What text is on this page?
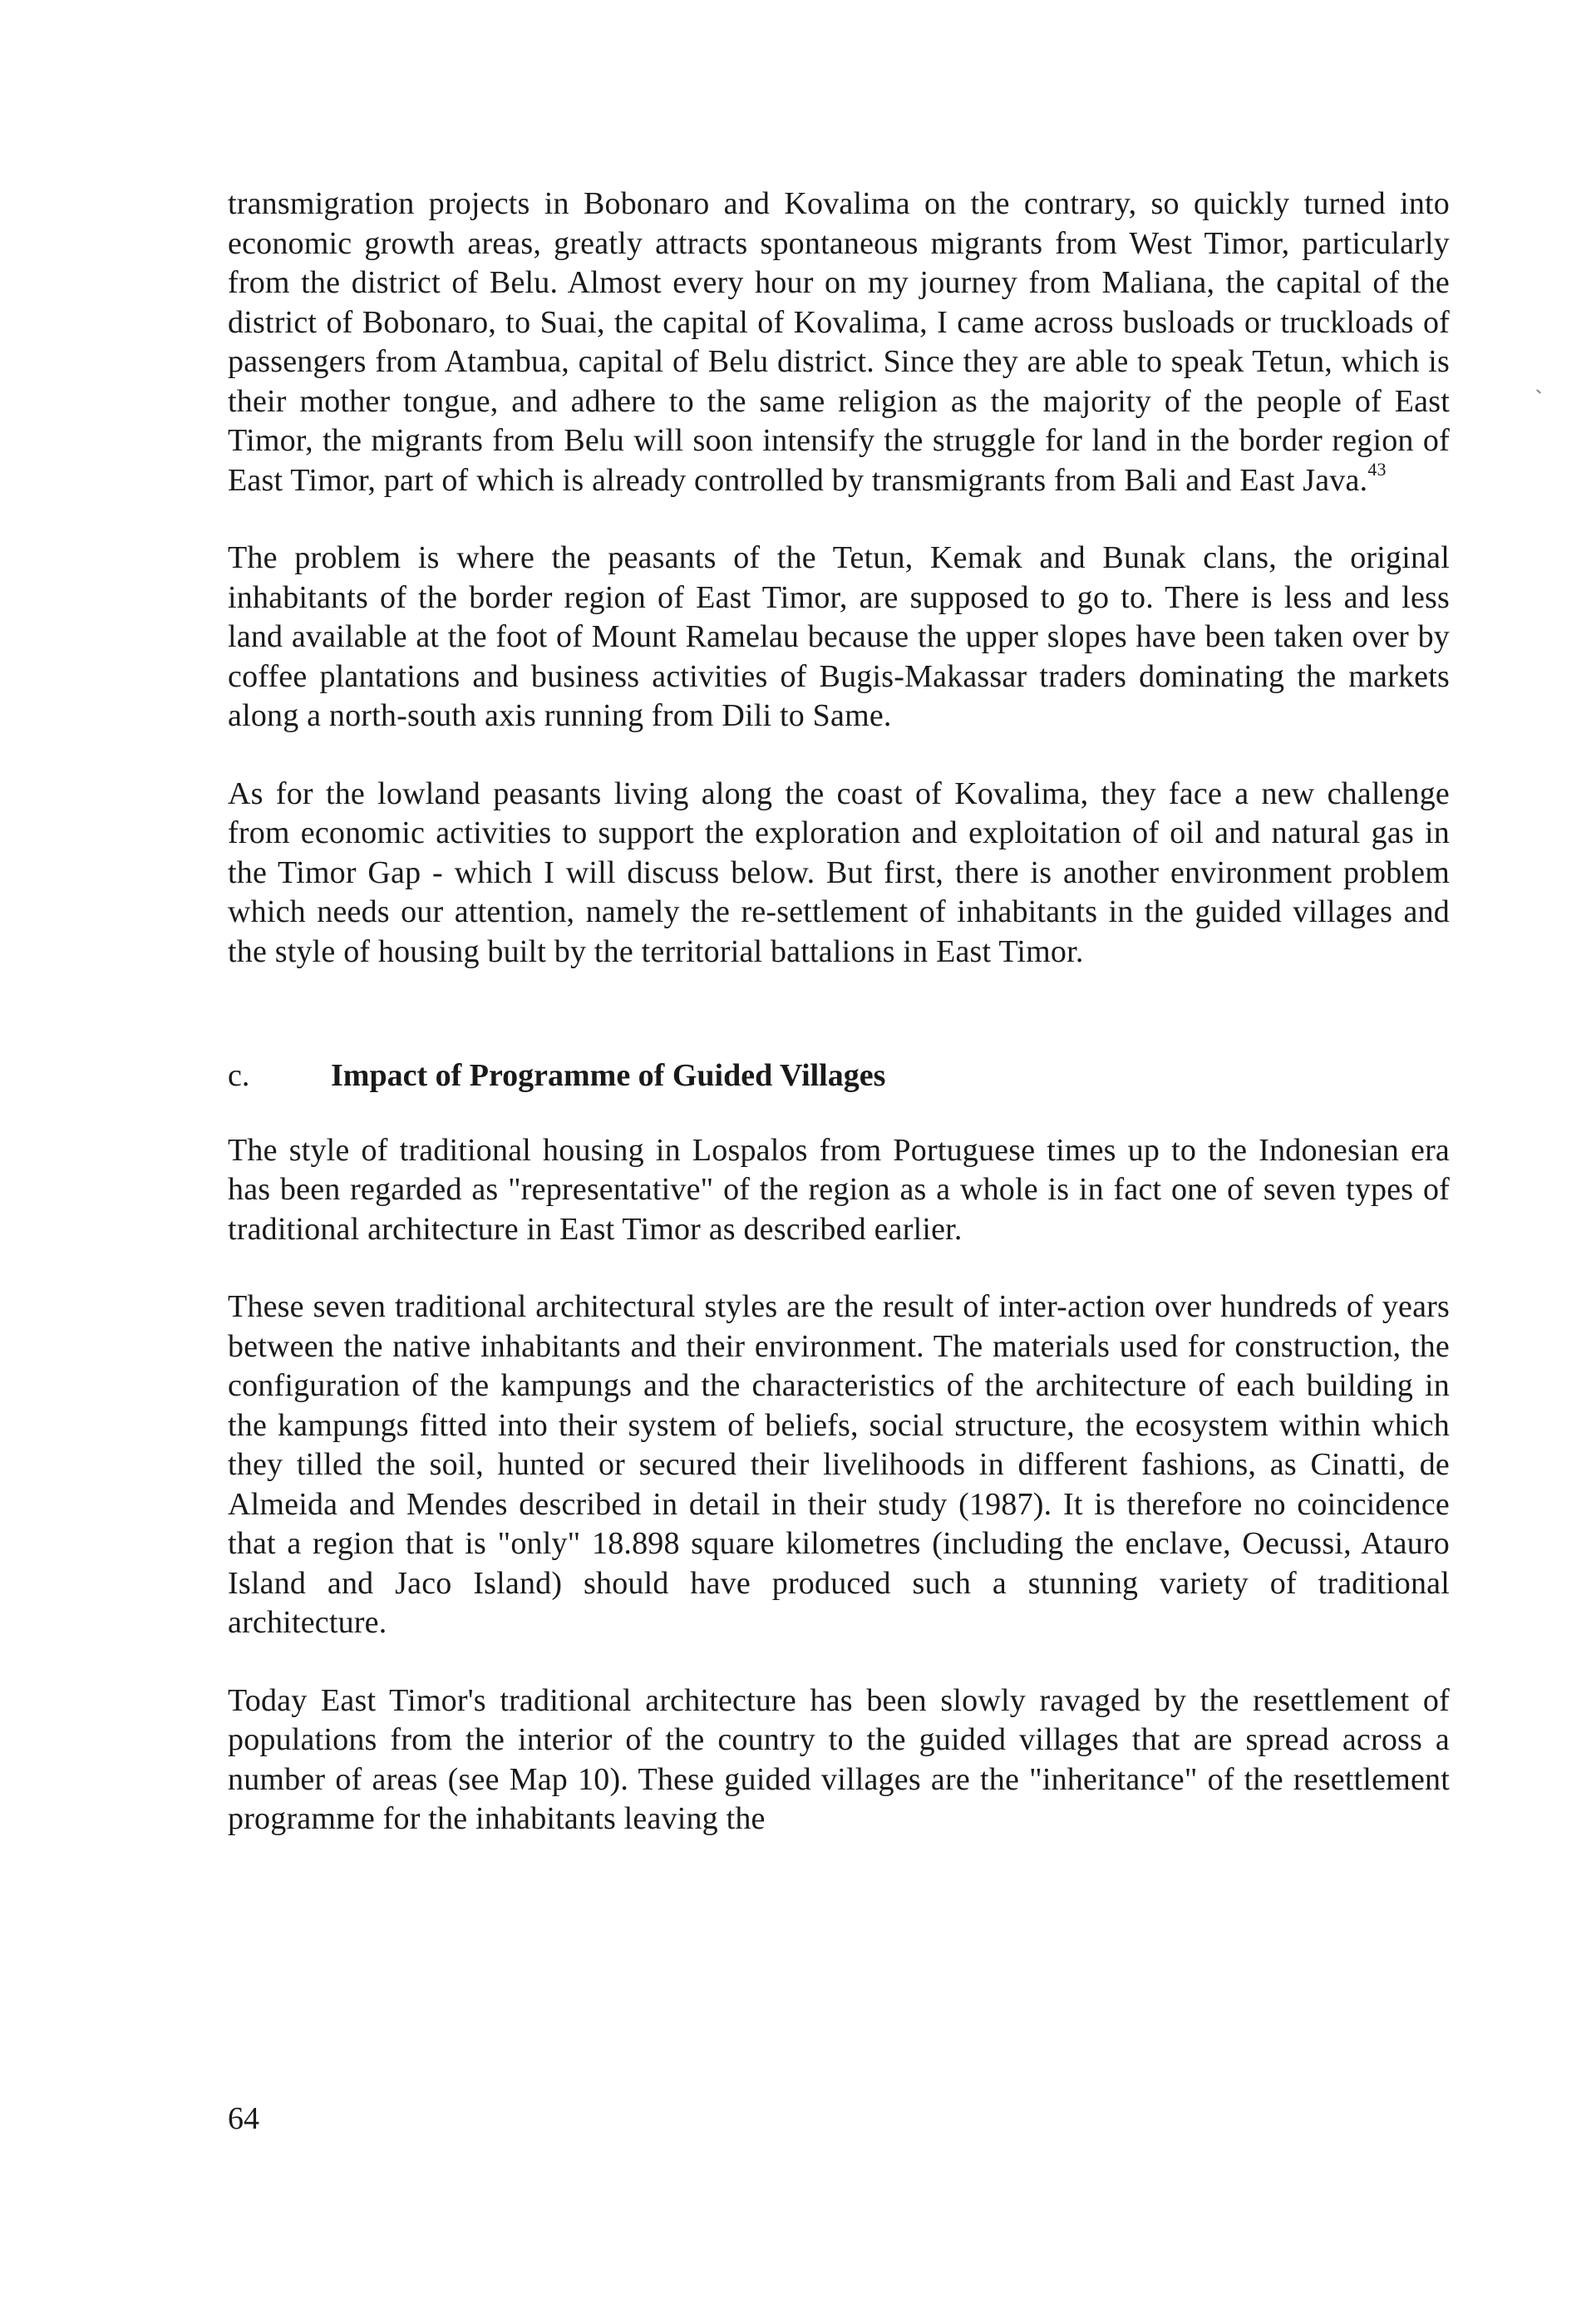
transmigration projects in Bobonaro and Kovalima on the contrary, so quickly turned into economic growth areas, greatly attracts spontaneous migrants from West Timor, particularly from the district of Belu. Almost every hour on my journey from Maliana, the capital of the district of Bobonaro, to Suai, the capital of Kovalima, I came across busloads or truckloads of passengers from Atambua, capital of Belu district. Since they are able to speak Tetun, which is their mother tongue, and adhere to the same religion as the majority of the people of East Timor, the migrants from Belu will soon intensify the struggle for land in the border region of East Timor, part of which is already controlled by transmigrants from Bali and East Java.$^{43}$

The problem is where the peasants of the Tetun, Kemak and Bunak clans, the original inhabitants of the border region of East Timor, are supposed to go to. There is less and less land available at the foot of Mount Ramelau because the upper slopes have been taken over by coffee plantations and business activities of Bugis-Makassar traders dominating the markets along a north-south axis running from Dili to Same.

As for the lowland peasants living along the coast of Kovalima, they face a new challenge from economic activities to support the exploration and exploitation of oil and natural gas in the Timor Gap - which I will discuss below. But first, there is another environment problem which needs our attention, namely the re-settlement of inhabitants in the guided villages and the style of housing built by the territorial battalions in East Timor.

c.	Impact of Programme of Guided Villages

The style of traditional housing in Lospalos from Portuguese times up to the Indonesian era has been regarded as "representative" of the region as a whole is in fact one of seven types of traditional architecture in East Timor as described earlier.

These seven traditional architectural styles are the result of inter-action over hundreds of years between the native inhabitants and their environment. The materials used for construction, the configuration of the kampungs and the characteristics of the architecture of each building in the kampungs fitted into their system of beliefs, social structure, the ecosystem within which they tilled the soil, hunted or secured their livelihoods in different fashions, as Cinatti, de Almeida and Mendes described in detail in their study (1987). It is therefore no coincidence that a region that is "only" 18.898 square kilometres (including the enclave, Oecussi, Atauro Island and Jaco Island) should have produced such a stunning variety of traditional architecture.

Today East Timor's traditional architecture has been slowly ravaged by the resettlement of populations from the interior of the country to the guided villages that are spread across a number of areas (see Map 10). These guided villages are the "inheritance" of the resettlement programme for the inhabitants leaving the

64
